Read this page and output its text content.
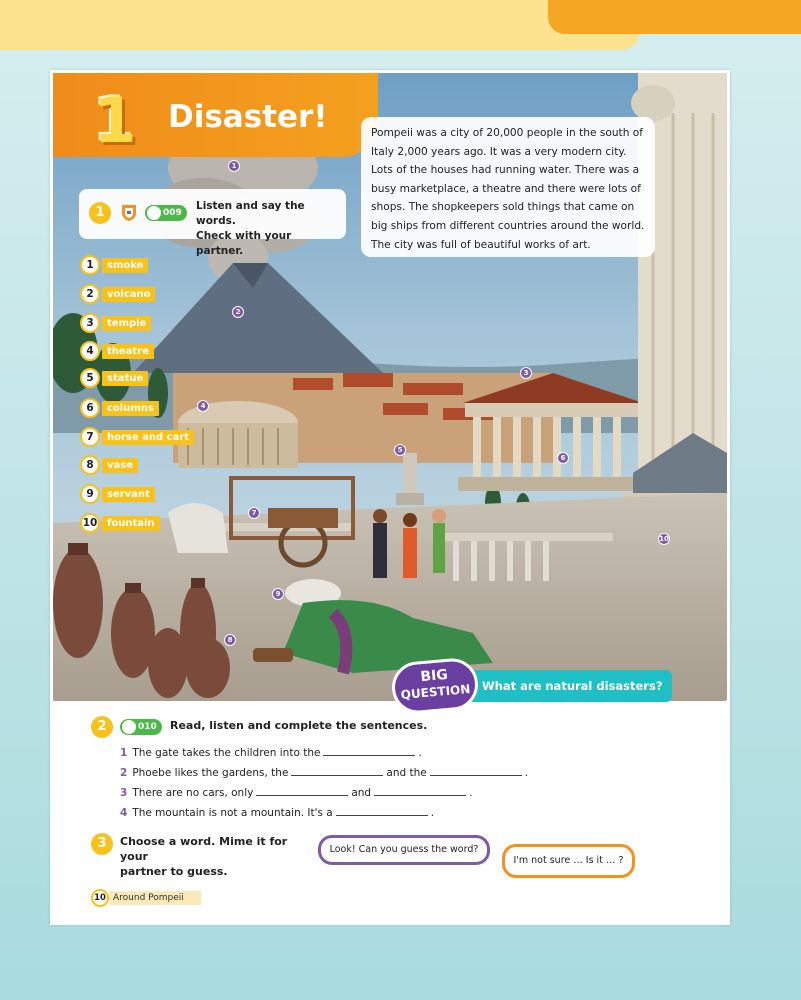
1 Disaster!	Pompeii was a city of 20,000 people in the south of Italy 2,000 years ago. It was a very modern city. Lots of the houses had running water. There was a busy marketplace, a theatre and there were lots of shops. The shopkeepers sold things that came on big ships from different countries around the world. The city was full of beautiful works of art.
1	009
Listen and say the words.
Check with your partner.
1	smoke
2	volcano
3	temple
4	theatre
5	statue
6	columns
7	horse and cart
8	vase
9	servant
10 fountain
1
2
3
4
5
6
7
8
9
10
BIG
QUESTION What are natural disasters?
2	010	Read, listen and complete the sentences.
1 The gate takes the children into the	.
2 Phoebe likes the gardens, the	and the	.
3 There are no cars, only	and	.
4 The mountain is not a mountain. It's a	.
3	Choose a word. Mime it for your
partner to guess.
Look! Can you guess the word?
I'm not sure … Is it … ?
10 Around Pompeii
